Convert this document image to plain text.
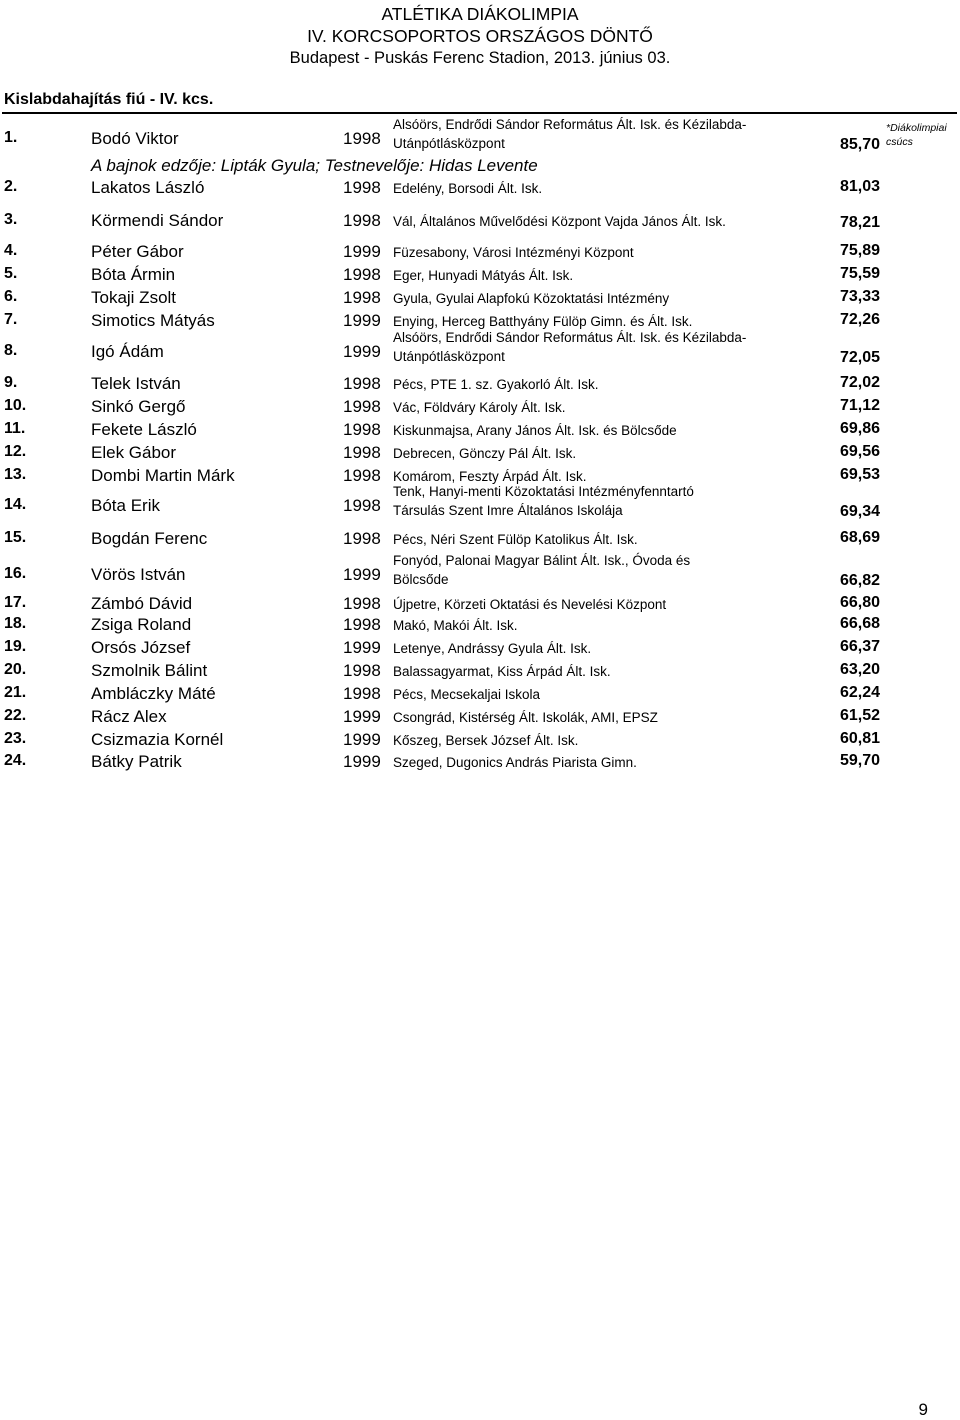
ATLÉTIKA DIÁKOLIMPIA
IV. KORCSOPORTOS ORSZÁGOS DÖNTŐ
Budapest - Puskás Ferenc Stadion, 2013. június 03.
Kislabdahajítás fiú - IV. kcs.
*Diákolimpiai
csúcs
A bajnok edzője: Lipták Gyula; Testnevelője: Hidas Levente
1.	Bodó Viktor	1998
Alsóörs, Endrődi Sándor Református Ált. Isk. és Kézilabda-
Utánpótlásközpont	85,70
2.	Lakatos László	1998 Edelény, Borsodi Ált. Isk.	81,03
3.	Körmendi Sándor	1998 Vál, Általános Művelődési Központ Vajda János Ált. Isk.	78,21
4.	Péter Gábor	1999 Füzesabony, Városi Intézményi Központ	75,89
5.	Bóta Ármin	1998 Eger, Hunyadi Mátyás Ált. Isk.	75,59
6.	Tokaji Zsolt	1998 Gyula, Gyulai Alapfokú Közoktatási Intézmény	73,33
7.	Simotics Mátyás	1999 Enying, Herceg Batthyány Fülöp Gimn. és Ált. Isk.	72,26
8.	Igó Ádám	1999
Alsóörs, Endrődi Sándor Református Ált. Isk. és Kézilabda-
Utánpótlásközpont	72,05
9.	Telek István	1998 Pécs, PTE 1. sz. Gyakorló Ált. Isk.	72,02
10.	Sinkó Gergő	1998 Vác, Földváry Károly Ált. Isk.	71,12
11.	Fekete László	1998 Kiskunmajsa, Arany János Ált. Isk. és Bölcsőde	69,86
12.	Elek Gábor	1998 Debrecen, Gönczy Pál Ált. Isk.	69,56
13.	Dombi Martin Márk	1998 Komárom, Feszty Árpád Ált. Isk.	69,53
14.	Bóta Erik	1998
Tenk, Hanyi-menti Közoktatási Intézményfenntartó
Társulás Szent Imre Általános Iskolája	69,34
15.	Bogdán Ferenc	1998 Pécs, Néri Szent Fülöp Katolikus Ált. Isk.	68,69
16.	Vörös István	1999
Fonyód, Palonai Magyar Bálint Ált. Isk., Óvoda és
Bölcsőde	66,82
17.	Zámbó Dávid	1998 Újpetre, Körzeti Oktatási és Nevelési Központ	66,80
18.	Zsiga Roland	1998 Makó, Makói Ált. Isk.	66,68
19.	Orsós József	1999 Letenye, Andrássy Gyula Ált. Isk.	66,37
20.	Szmolnik Bálint	1998 Balassagyarmat, Kiss Árpád Ált. Isk.	63,20
21.	Ambláczky Máté	1998 Pécs, Mecsekaljai Iskola	62,24
22.	Rácz Alex	1999 Csongrád, Kistérség Ált. Iskolák, AMI, EPSZ	61,52
23.	Csizmazia Kornél	1999 Kőszeg, Bersek József Ált. Isk.	60,81
24.	Bátky Patrik	1999 Szeged, Dugonics András Piarista Gimn.	59,70
9
